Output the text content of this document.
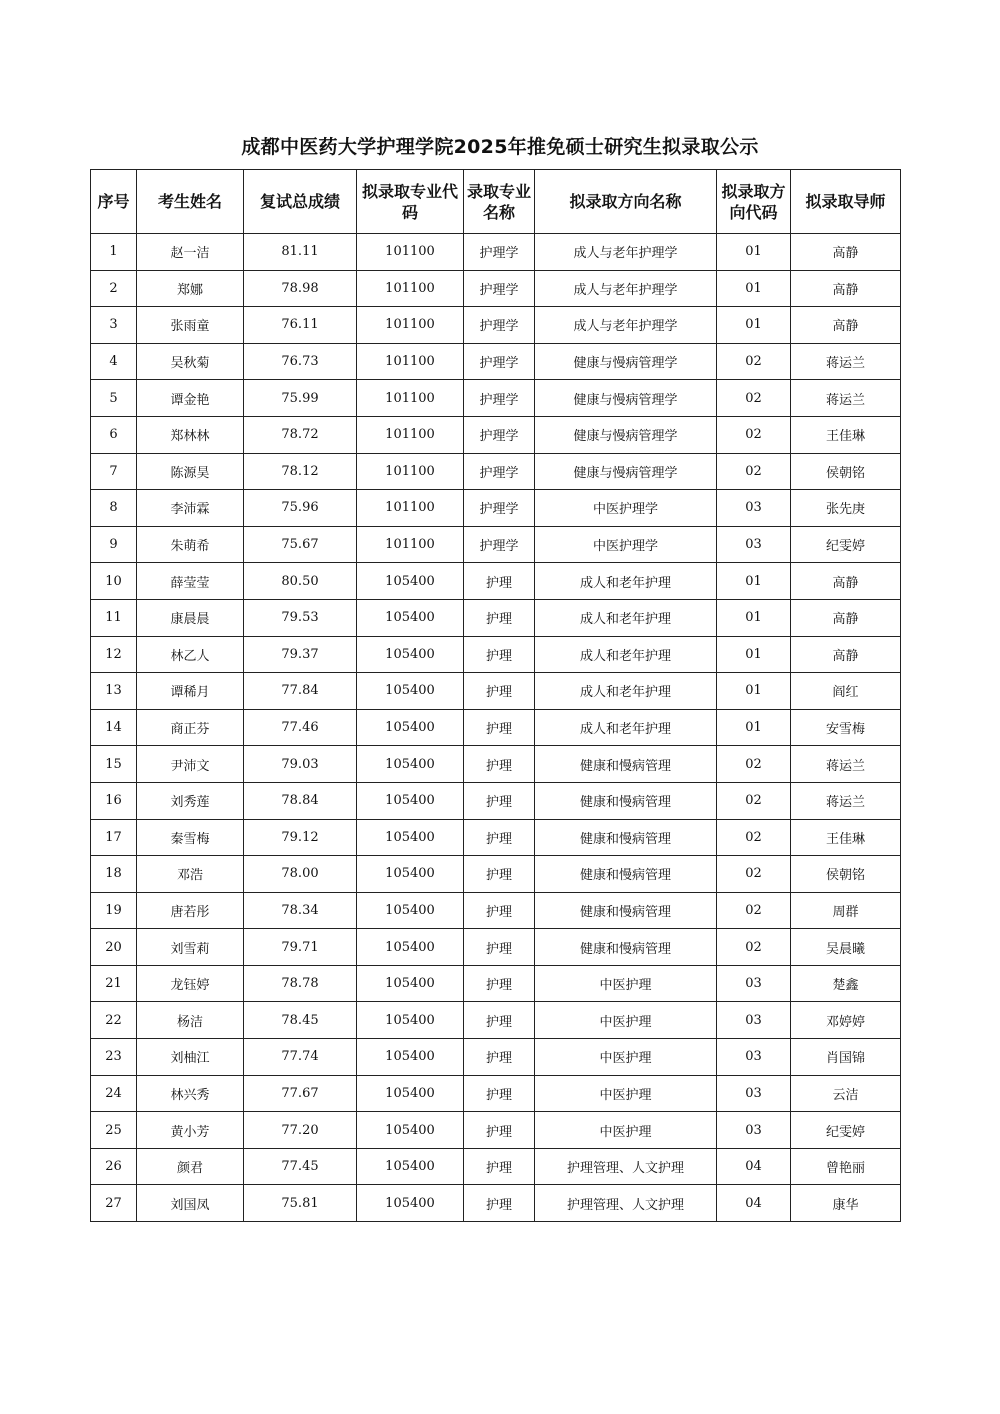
成都中医药大学护理学院2025年推免硕士研究生拟录取公示
序号	考生姓名	复试总成绩	拟录取专业代码	录取专业名称	拟录取方向名称	拟录取方向代码	拟录取导师
1	赵一洁	81.11	101100	护理学	成人与老年护理学	01	高静
2	郑娜	78.98	101100	护理学	成人与老年护理学	01	高静
3	张雨童	76.11	101100	护理学	成人与老年护理学	01	高静
4	吴秋菊	76.73	101100	护理学	健康与慢病管理学	02	蒋运兰
5	谭金艳	75.99	101100	护理学	健康与慢病管理学	02	蒋运兰
6	郑林林	78.72	101100	护理学	健康与慢病管理学	02	王佳琳
7	陈源昊	78.12	101100	护理学	健康与慢病管理学	02	侯朝铭
8	李沛霖	75.96	101100	护理学	中医护理学	03	张先庚
9	朱萌希	75.67	101100	护理学	中医护理学	03	纪雯婷
10	薛莹莹	80.50	105400	护理	成人和老年护理	01	高静
11	康晨晨	79.53	105400	护理	成人和老年护理	01	高静
12	林乙人	79.37	105400	护理	成人和老年护理	01	高静
13	谭稀月	77.84	105400	护理	成人和老年护理	01	阎红
14	商正芬	77.46	105400	护理	成人和老年护理	01	安雪梅
15	尹沛文	79.03	105400	护理	健康和慢病管理	02	蒋运兰
16	刘秀莲	78.84	105400	护理	健康和慢病管理	02	蒋运兰
17	秦雪梅	79.12	105400	护理	健康和慢病管理	02	王佳琳
18	邓浩	78.00	105400	护理	健康和慢病管理	02	侯朝铭
19	唐若彤	78.34	105400	护理	健康和慢病管理	02	周群
20	刘雪莉	79.71	105400	护理	健康和慢病管理	02	吴晨曦
21	龙钰婷	78.78	105400	护理	中医护理	03	楚鑫
22	杨洁	78.45	105400	护理	中医护理	03	邓婷婷
23	刘柚江	77.74	105400	护理	中医护理	03	肖国锦
24	林兴秀	77.67	105400	护理	中医护理	03	云洁
25	黄小芳	77.20	105400	护理	中医护理	03	纪雯婷
26	颜君	77.45	105400	护理	护理管理、人文护理	04	曾艳丽
27	刘国凤	75.81	105400	护理	护理管理、人文护理	04	康华
